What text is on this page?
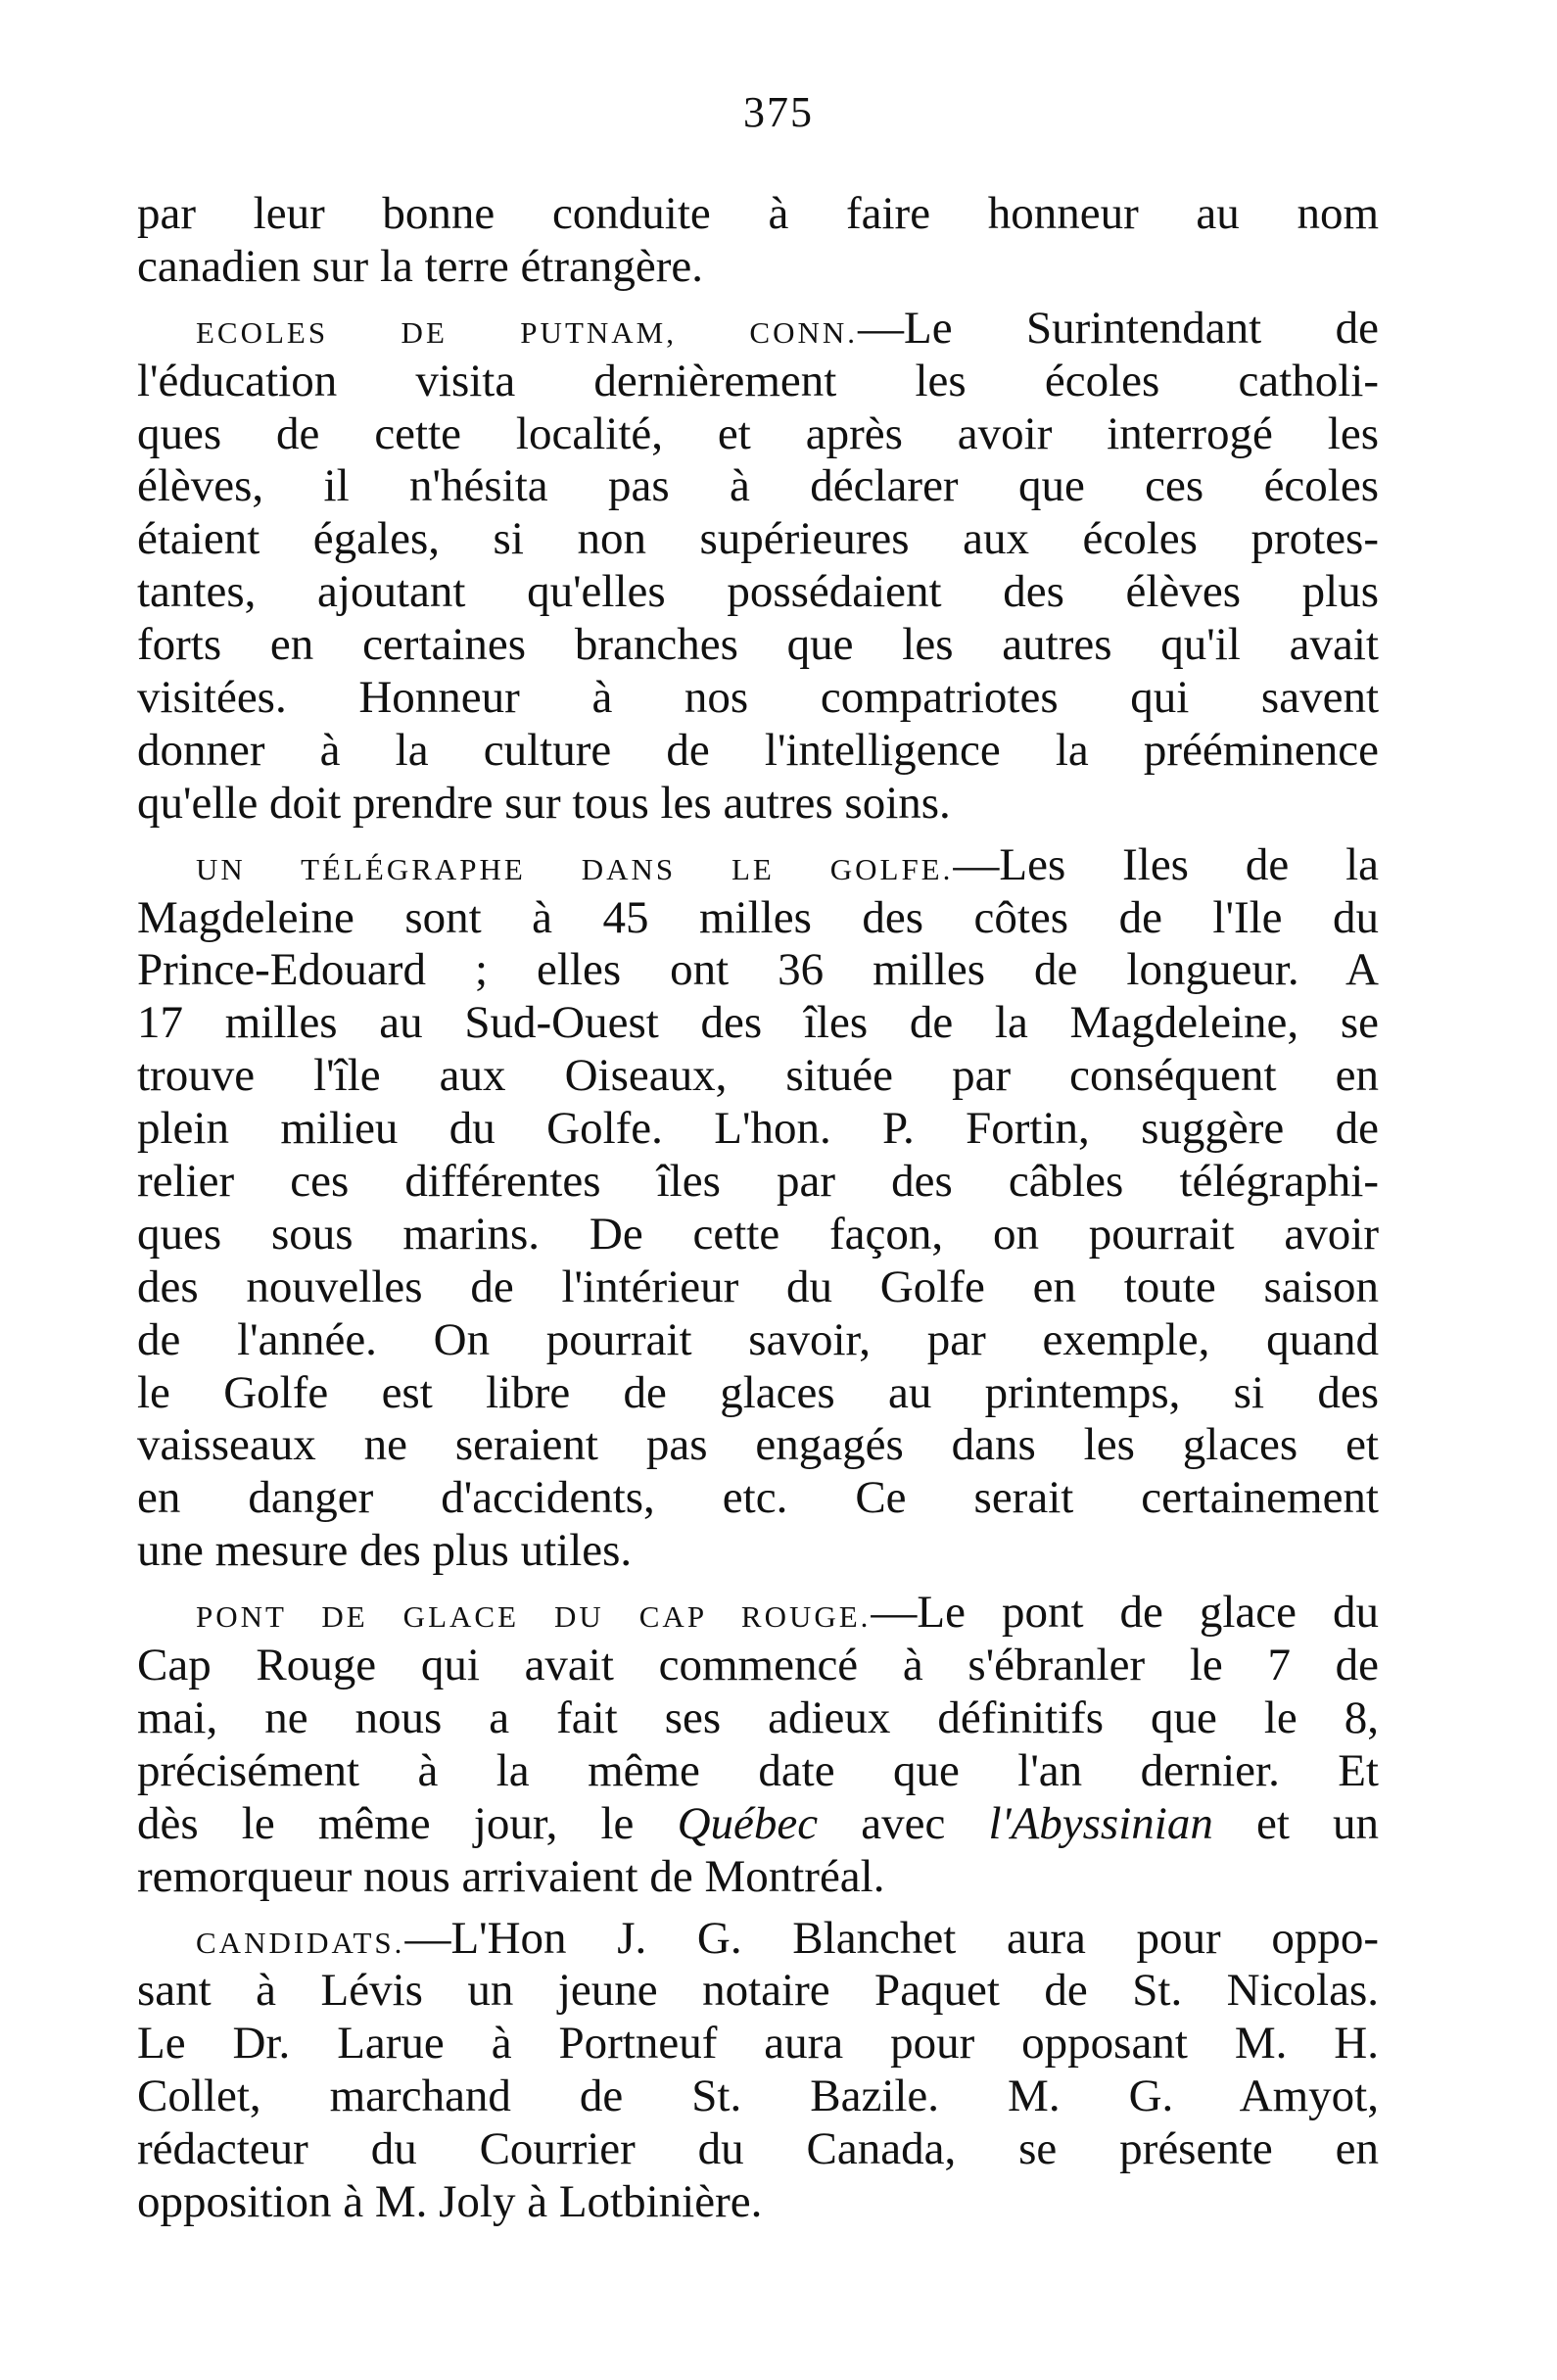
375
par leur bonne conduite à faire honneur au nom
canadien sur la terre étrangère.
ECOLES DE PUTNAM, CONN.—Le Surintendant de
l'éducation visita dernièrement les écoles catholi-
ques de cette localité, et après avoir interrogé les
élèves, il n'hésita pas à déclarer que ces écoles
étaient égales, si non supérieures aux écoles protes-
tantes, ajoutant qu'elles possédaient des élèves plus
forts en certaines branches que les autres qu'il avait
visitées. Honneur à nos compatriotes qui savent
donner à la culture de l'intelligence la prééminence
qu'elle doit prendre sur tous les autres soins.
UN TÉLÉGRAPHE DANS LE GOLFE.—Les Iles de la
Magdeleine sont à 45 milles des côtes de l'Ile du
Prince-Edouard ; elles ont 36 milles de longueur. A
17 milles au Sud-Ouest des îles de la Magdeleine, se
trouve l'île aux Oiseaux, située par conséquent en
plein milieu du Golfe. L'hon. P. Fortin, suggère de
relier ces différentes îles par des câbles télégraphi-
ques sous marins. De cette façon, on pourrait avoir
des nouvelles de l'intérieur du Golfe en toute saison
de l'année. On pourrait savoir, par exemple, quand
le Golfe est libre de glaces au printemps, si des
vaisseaux ne seraient pas engagés dans les glaces et
en danger d'accidents, etc. Ce serait certainement
une mesure des plus utiles.
PONT DE GLACE DU CAP ROUGE.—Le pont de glace du
Cap Rouge qui avait commencé à s'ébranler le 7 de
mai, ne nous a fait ses adieux définitifs que le 8,
précisément à la même date que l'an dernier. Et
dès le même jour, le Québec avec l'Abyssinian et un
remorqueur nous arrivaient de Montréal.
CANDIDATS.—L'Hon J. G. Blanchet aura pour oppo-
sant à Lévis un jeune notaire Paquet de St. Nicolas.
Le Dr. Larue à Portneuf aura pour opposant M. H.
Collet, marchand de St. Bazile. M. G. Amyot,
rédacteur du Courrier du Canada, se présente en
opposition à M. Joly à Lotbinière.
